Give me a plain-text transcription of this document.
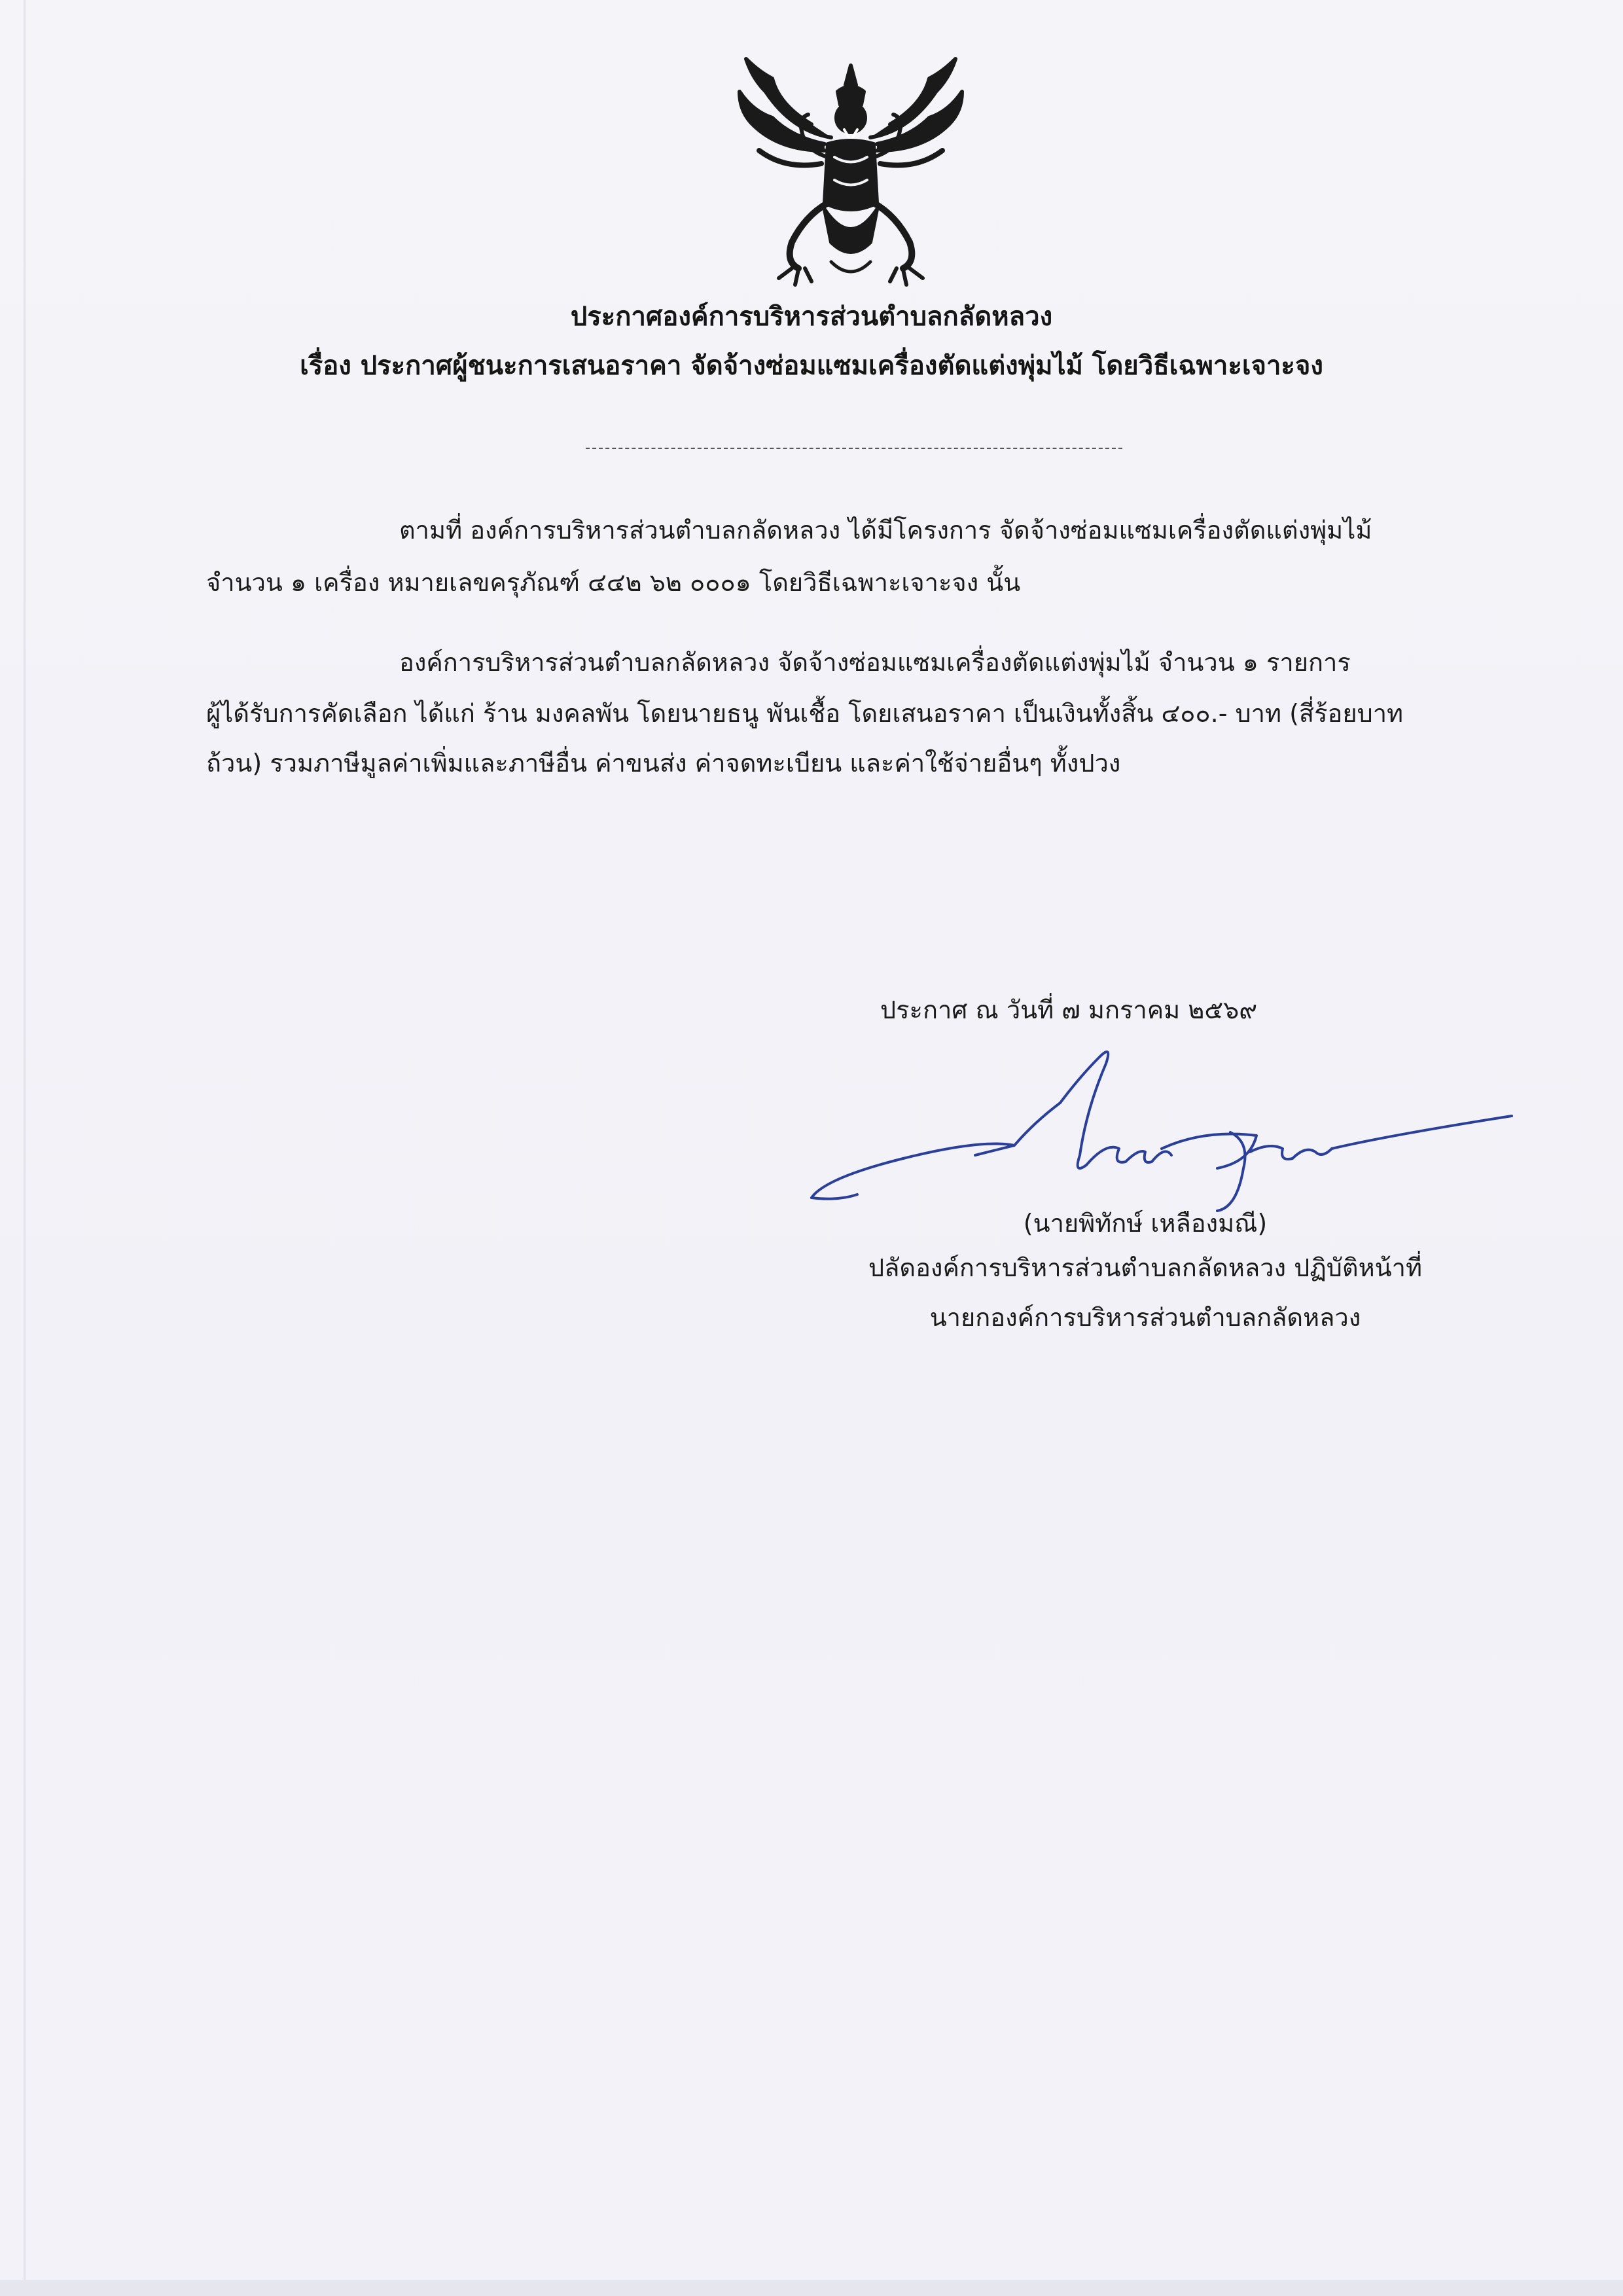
ประกาศองค์การบริหารส่วนตำบลกลัดหลวง
เรื่อง ประกาศผู้ชนะการเสนอราคา จัดจ้างซ่อมแซมเครื่องตัดแต่งพุ่มไม้ โดยวิธีเฉพาะเจาะจง

ตามที่ องค์การบริหารส่วนตำบลกลัดหลวง ได้มีโครงการ จัดจ้างซ่อมแซมเครื่องตัดแต่งพุ่มไม้

จำนวน ๑ เครื่อง หมายเลขครุภัณฑ์ ๔๔๒ ๖๒ ๐๐๐๑ โดยวิธีเฉพาะเจาะจง นั้น

องค์การบริหารส่วนตำบลกลัดหลวง จัดจ้างซ่อมแซมเครื่องตัดแต่งพุ่มไม้ จำนวน ๑ รายการ

ผู้ได้รับการคัดเลือก ได้แก่ ร้าน มงคลพัน โดยนายธนู พันเชื้อ โดยเสนอราคา เป็นเงินทั้งสิ้น ๔๐๐.- บาท (สี่ร้อยบาท

ถ้วน) รวมภาษีมูลค่าเพิ่มและภาษีอื่น ค่าขนส่ง ค่าจดทะเบียน และค่าใช้จ่ายอื่นๆ ทั้งปวง

ประกาศ ณ วันที่ ๗ มกราคม ๒๕๖๙
(นายพิทักษ์ เหลืองมณี)
ปลัดองค์การบริหารส่วนตำบลกลัดหลวง ปฏิบัติหน้าที่
นายกองค์การบริหารส่วนตำบลกลัดหลวง
